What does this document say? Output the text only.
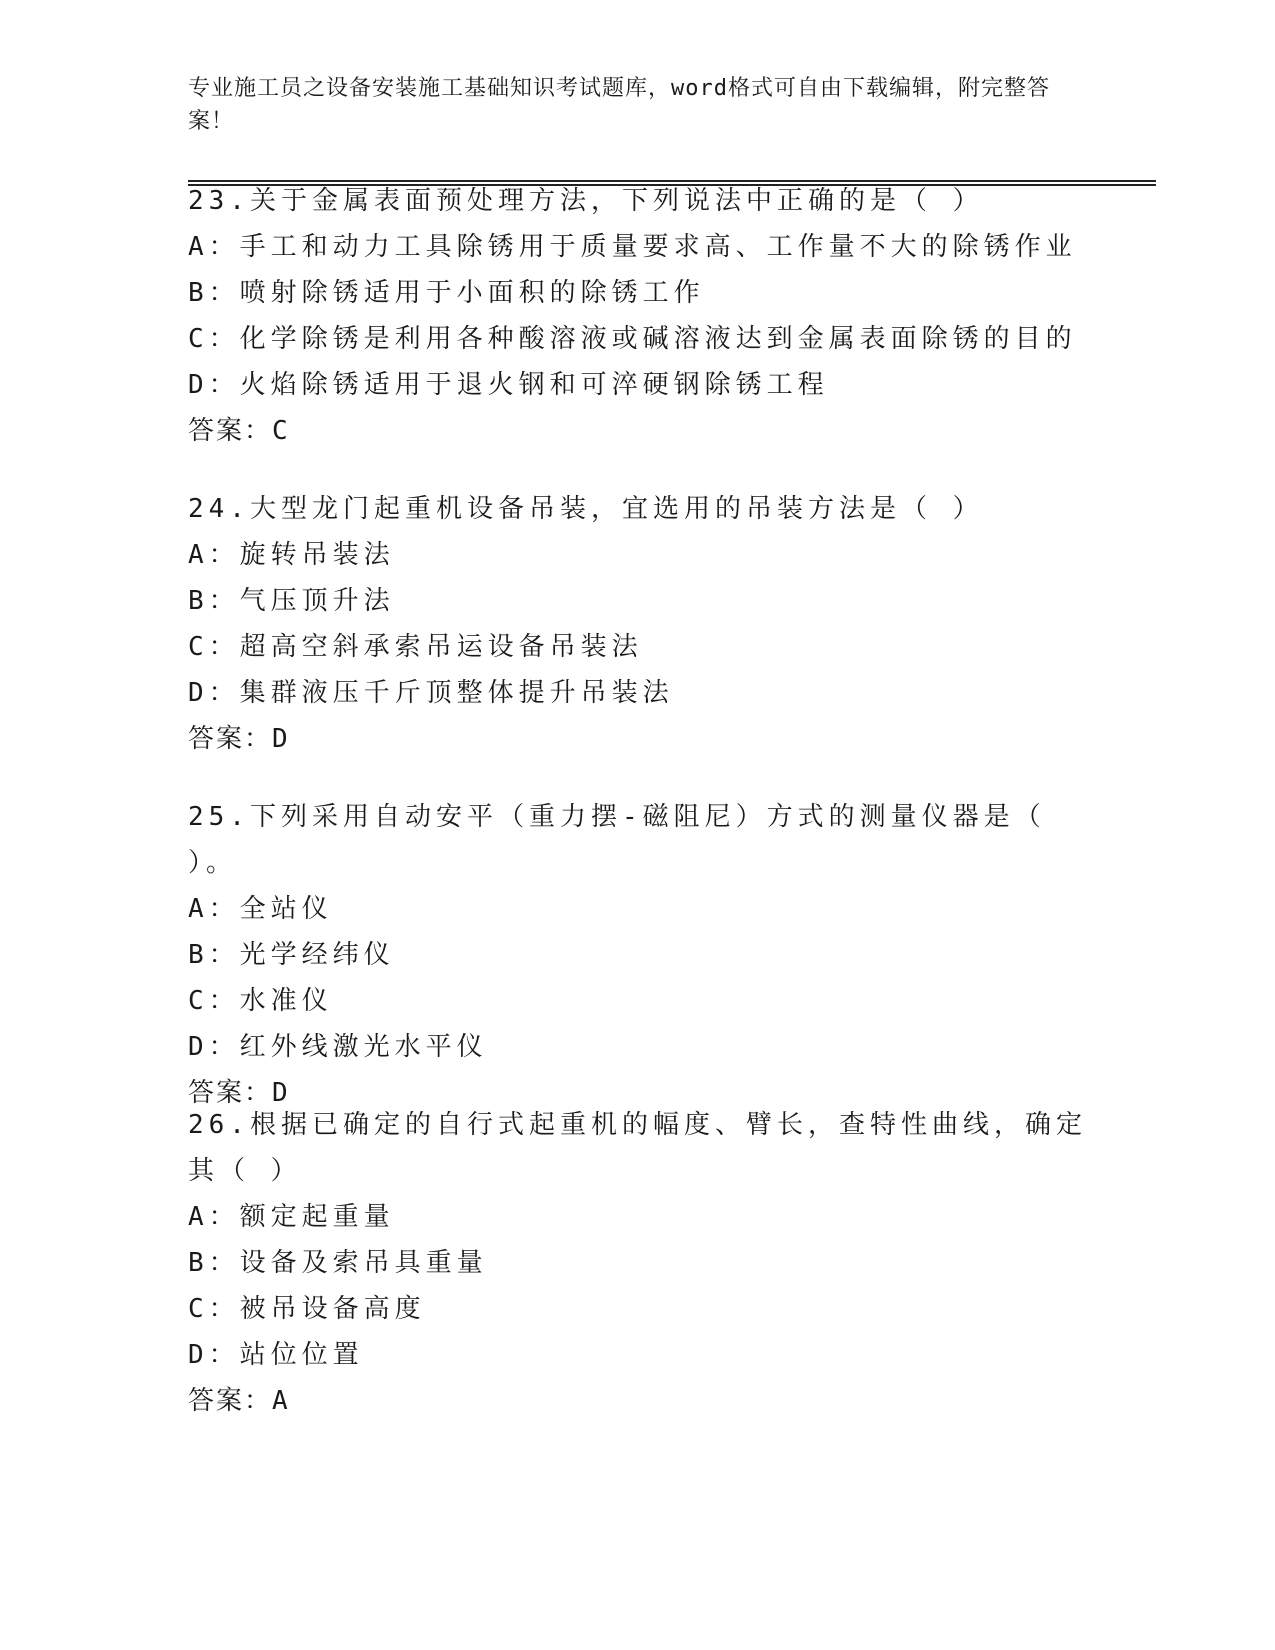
专业施工员之设备安装施工基础知识考试题库，word格式可自由下载编辑，附完整答案！
23.关于金属表面预处理方法，下列说法中正确的是（ ）
A：手工和动力工具除锈用于质量要求高、工作量不大的除锈作业
B：喷射除锈适用于小面积的除锈工作
C：化学除锈是利用各种酸溶液或碱溶液达到金属表面除锈的目的
D：火焰除锈适用于退火钢和可淬硬钢除锈工程
答案：C
24.大型龙门起重机设备吊装，宜选用的吊装方法是（ ）
A：旋转吊装法
B：气压顶升法
C：超高空斜承索吊运设备吊装法
D：集群液压千斤顶整体提升吊装法
答案：D
25.下列采用自动安平（重力摆-磁阻尼）方式的测量仪器是（ ）。
A：全站仪
B：光学经纬仪
C：水准仪
D：红外线激光水平仪
答案：D
26.根据已确定的自行式起重机的幅度、臂长，查特性曲线，确定其（ ）
A：额定起重量
B：设备及索吊具重量
C：被吊设备高度
D：站位位置
答案：A
